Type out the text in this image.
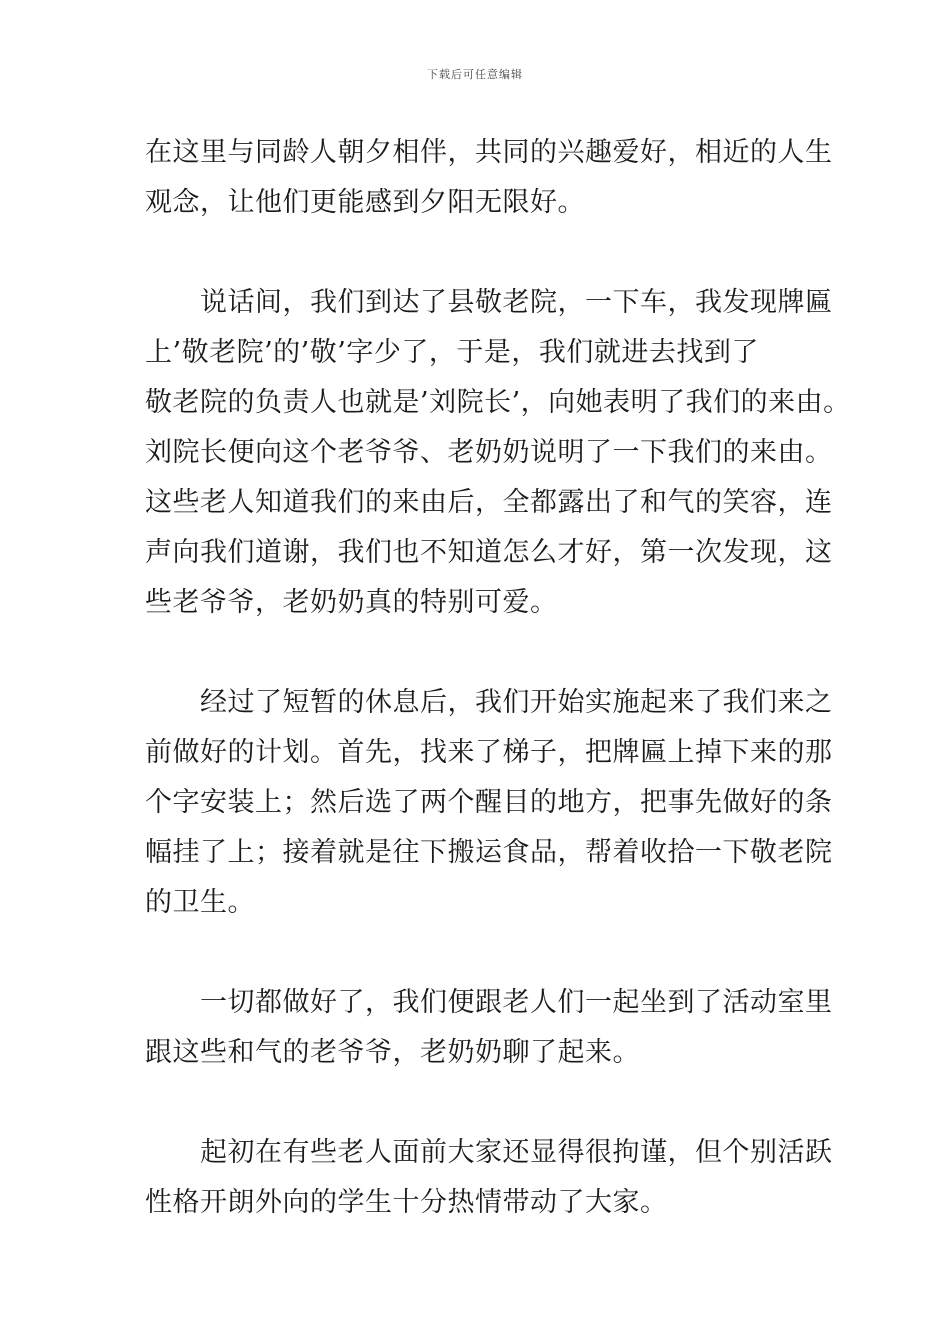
下载后可任意编辑
在这里与同龄人朝夕相伴，共同的兴趣爱好，相近的人生
观念，让他们更能感到夕阳无限好。
　　说话间，我们到达了县敬老院，一下车，我发现牌匾
上’敬老院’的’敬’字少了，于是，我们就进去找到了
敬老院的负责人也就是’刘院长’，向她表明了我们的来由。
刘院长便向这个老爷爷、老奶奶说明了一下我们的来由。
这些老人知道我们的来由后，全都露出了和气的笑容，连
声向我们道谢，我们也不知道怎么才好，第一次发现，这
些老爷爷，老奶奶真的特别可爱。
　　经过了短暂的休息后，我们开始实施起来了我们来之
前做好的计划。首先，找来了梯子，把牌匾上掉下来的那
个字安装上；然后选了两个醒目的地方，把事先做好的条
幅挂了上；接着就是往下搬运食品，帮着收拾一下敬老院
的卫生。
　　一切都做好了，我们便跟老人们一起坐到了活动室里
跟这些和气的老爷爷，老奶奶聊了起来。
　　起初在有些老人面前大家还显得很拘谨，但个别活跃
性格开朗外向的学生十分热情带动了大家。
